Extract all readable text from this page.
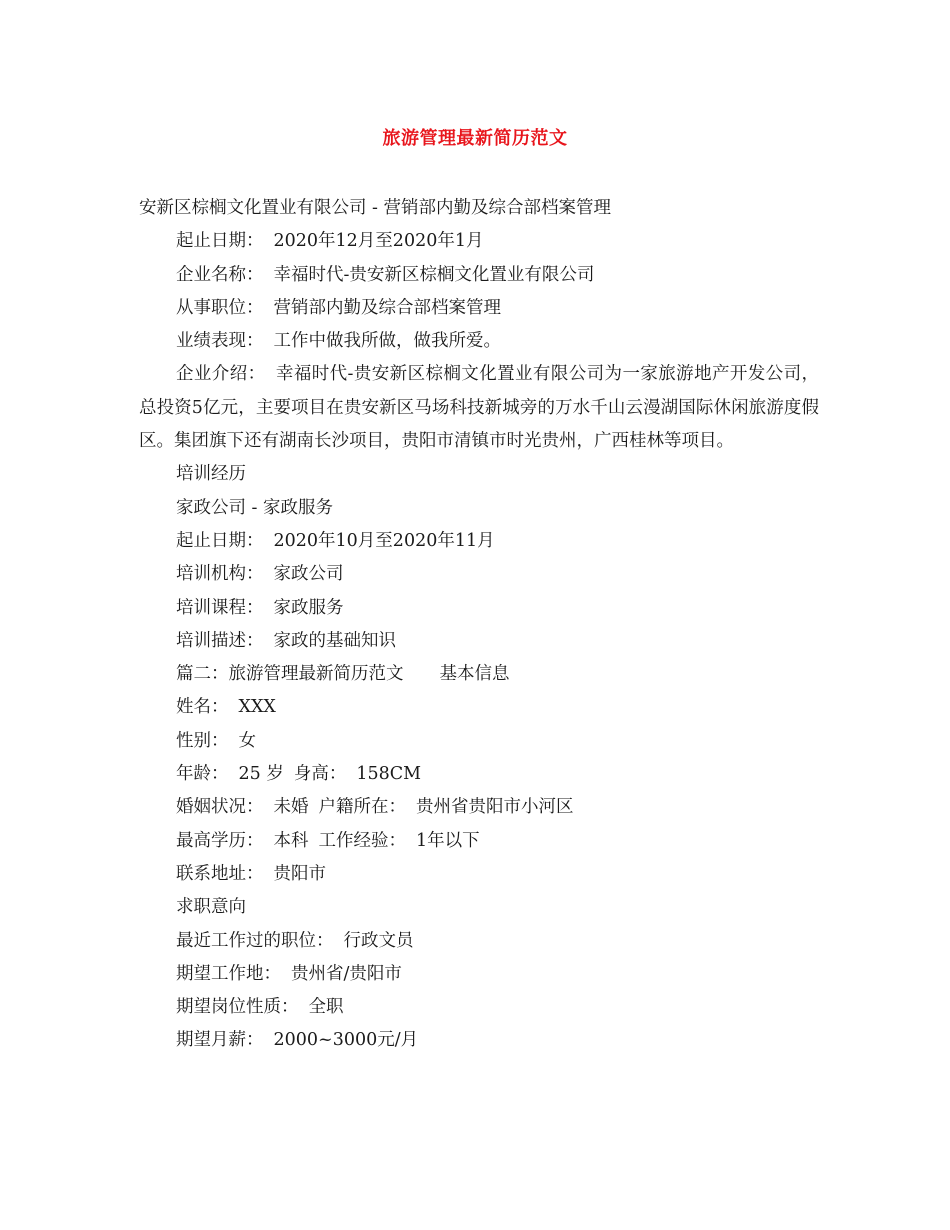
旅游管理最新简历范文
安新区棕榈文化置业有限公司 - 营销部内勤及综合部档案管理
起止日期： 2020年12月至2020年1月
企业名称： 幸福时代-贵安新区棕榈文化置业有限公司
从事职位： 营销部内勤及综合部档案管理
业绩表现： 工作中做我所做，做我所爱。
企业介绍： 幸福时代-贵安新区棕榈文化置业有限公司为一家旅游地产开发公司，总投资5亿元，主要项目在贵安新区马场科技新城旁的万水千山云漫湖国际休闲旅游度假区。集团旗下还有湖南长沙项目，贵阳市清镇市时光贵州，广西桂林等项目。
培训经历
家政公司 - 家政服务
起止日期： 2020年10月至2020年11月
培训机构： 家政公司
培训课程： 家政服务
培训描述： 家政的基础知识
篇二：旅游管理最新简历范文 基本信息
姓名： XXX
性别： 女
年龄： 25 岁 身高： 158CM
婚姻状况： 未婚 户籍所在： 贵州省贵阳市小河区
最高学历： 本科 工作经验： 1年以下
联系地址： 贵阳市
求职意向
最近工作过的职位： 行政文员
期望工作地： 贵州省/贵阳市
期望岗位性质： 全职
期望月薪： 2000~3000元/月
